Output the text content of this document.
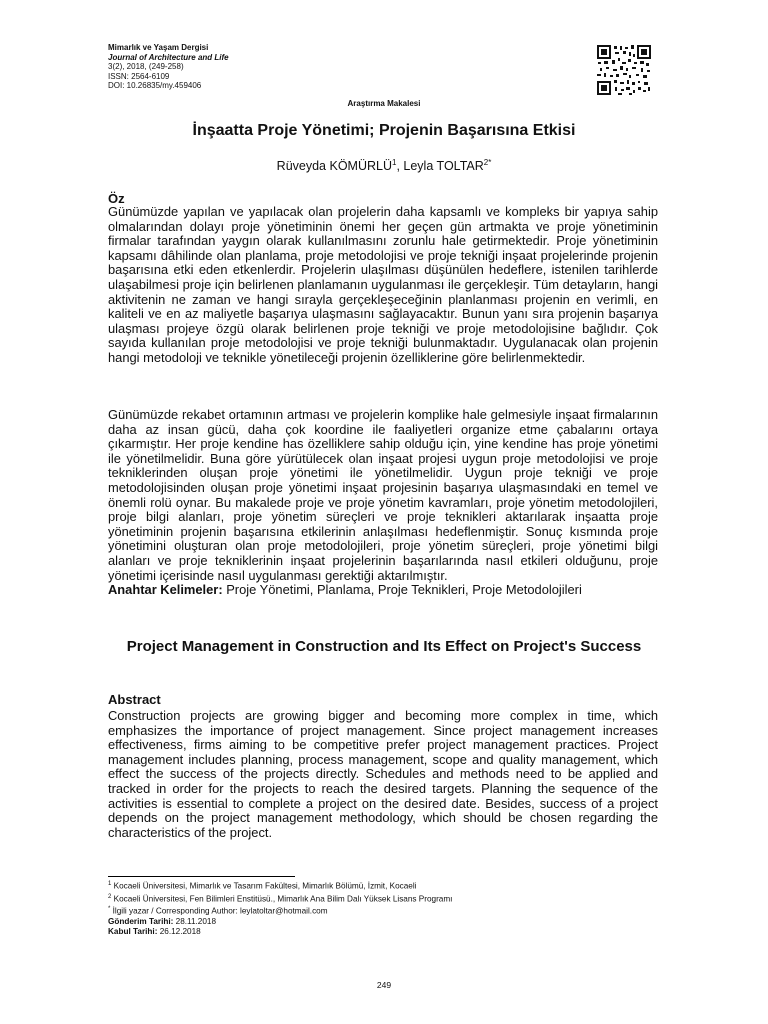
Mimarlık ve Yaşam Dergisi
Journal of Architecture and Life
3(2), 2018, (249-258)
ISSN: 2564-6109
DOI: 10.26835/my.459406
Araştırma Makalesi
İnşaatta Proje Yönetimi; Projenin Başarısına Etkisi
Rüveyda KÖMÜRLÜ$^1$, Leyla $TOLTAR^{2*}$
Öz
Günümüzde yapılan ve yapılacak olan projelerin daha kapsamlı ve kompleks bir yapıya sahip olmalarından dolayı proje yönetiminin önemi her geçen gün artmakta ve proje yönetiminin firmalar tarafından yaygın olarak kullanılmasını zorunlu hale getirmektedir. Proje yönetiminin kapsamı dâhilinde olan planlama, proje metodolojisi ve proje tekniği inşaat projelerinde projenin başarısına etki eden etkenlerdir. Projelerin ulaşılması düşünülen hedeflere, istenilen tarihlerde ulaşabilmesi proje için belirlenen planlamanın uygulanması ile gerçekleşir. Tüm detayların, hangi aktivitenin ne zaman ve hangi sırayla gerçekleşeceğinin planlanması projenin en verimli, en kaliteli ve en az maliyetle başarıya ulaşmasını sağlayacaktır. Bunun yanı sıra projenin başarıya ulaşması projeye özgü olarak belirlenen proje tekniği ve proje metodolojisine bağlıdır. Çok sayıda kullanılan proje metodolojisi ve proje tekniği bulunmaktadır. Uygulanacak olan projenin hangi metodoloji ve teknikle yönetileceği projenin özelliklerine göre belirlenmektedir.
Günümüzde rekabet ortamının artması ve projelerin komplike hale gelmesiyle inşaat firmalarının daha az insan gücü, daha çok koordine ile faaliyetleri organize etme çabalarını ortaya çıkarmıştır. Her proje kendine has özelliklere sahip olduğu için, yine kendine has proje yönetimi ile yönetilmelidir. Buna göre yürütülecek olan inşaat projesi uygun proje metodolojisi ve proje tekniklerinden oluşan proje yönetimi ile yönetilmelidir. Uygun proje tekniği ve proje metodolojisinden oluşan proje yönetimi inşaat projesinin başarıya ulaşmasındaki en temel ve önemli rolü oynar. Bu makalede proje ve proje yönetim kavramları, proje yönetim metodolojileri, proje bilgi alanları, proje yönetim süreçleri ve proje teknikleri aktarılarak inşaatta proje yönetiminin projenin başarısına etkilerinin anlaşılması hedeflenmiştir. Sonuç kısmında proje yönetimini oluşturan olan proje metodolojileri, proje yönetim süreçleri, proje yönetimi bilgi alanları ve proje tekniklerinin inşaat projelerinin başarılarında nasıl etkileri olduğunu, proje yönetimi içerisinde nasıl uygulanması gerektiği aktarılmıştır.
Anahtar Kelimeler: Proje Yönetimi, Planlama, Proje Teknikleri, Proje Metodolojileri
Project Management in Construction and Its Effect on Project's Success
Abstract
Construction projects are growing bigger and becoming more complex in time, which emphasizes the importance of project management. Since project management increases effectiveness, firms aiming to be competitive prefer project management practices. Project management includes planning, process management, scope and quality management, which effect the success of the projects directly. Schedules and methods need to be applied and tracked in order for the projects to reach the desired targets. Planning the sequence of the activities is essential to complete a project on the desired date. Besides, success of a project depends on the project management methodology, which should be chosen regarding the characteristics of the project.
$^1$ Kocaeli Üniversitesi, Mimarlık ve Tasarım Fakültesi, Mimarlık Bölümü, İzmit, Kocaeli
$^2$ Kocaeli Üniversitesi, Fen Bilimleri Enstitüsü., Mimarlık Ana Bilim Dalı Yüksek Lisans Programı
* İlgili yazar / Corresponding Author: leylatoltar@hotmail.com
Gönderim Tarihi: 28.11.2018
Kabul Tarihi: 26.12.2018
249
